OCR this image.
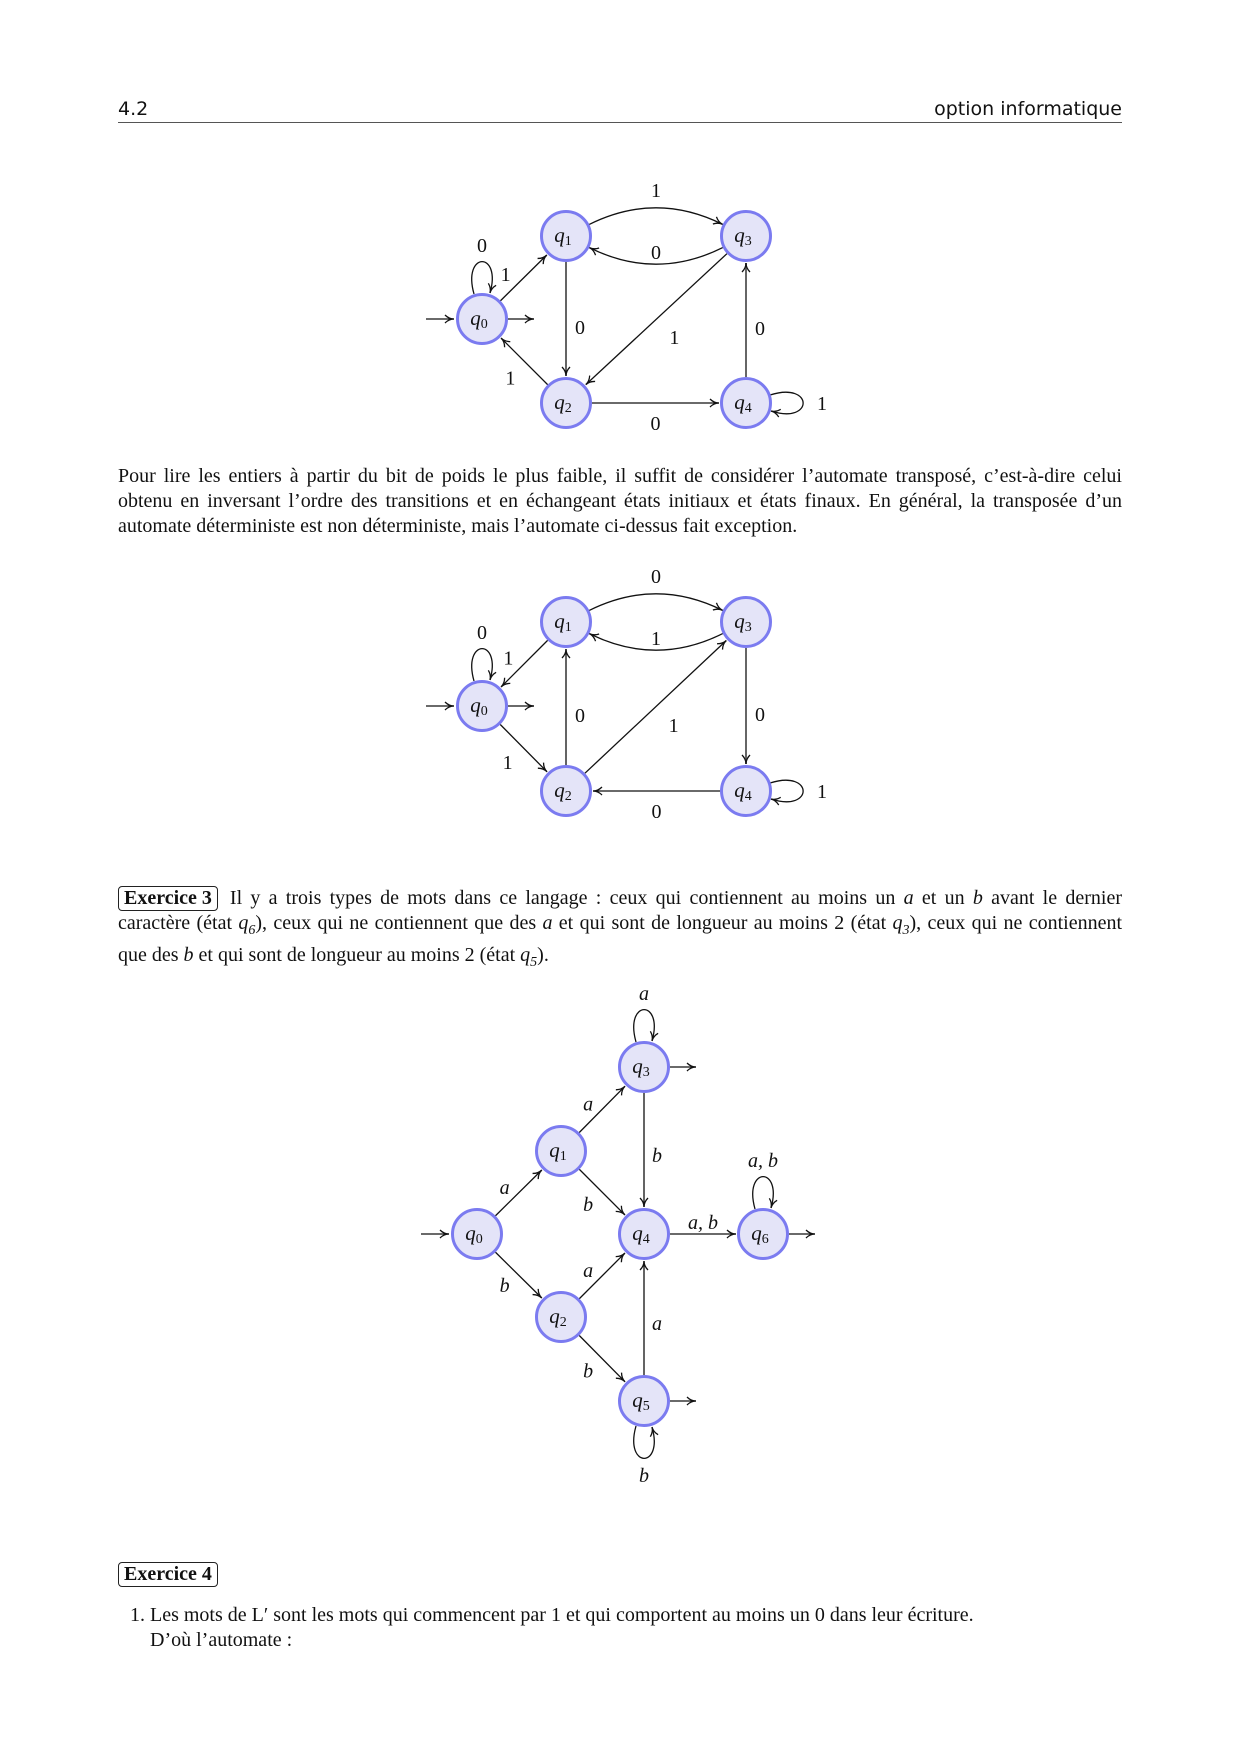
4.2	option informatique
0
1
1
0
0	1
1
0
0
1
q0
q1	q3
q2	q4
Pour lire les entiers à partir du bit de poids le plus faible, il suffit de considérer l’automate transposé, c’est-à-dire celui obtenu en inversant l’ordre des transitions et en échangeant états initiaux et états finaux. En général, la transposée d’un automate déterministe est non déterministe, mais l’automate ci-dessus fait exception.
0
1
0
1
0	1
1
0
0
1
q0
q1	q3
q2	q4
Exercice 3 Il y a trois types de mots dans ce langage : ceux qui contiennent au moins un a et un b avant le dernier caractère (état $q_6$), ceux qui ne contiennent que des a et qui sont de longueur au moins 2 (état $q_3$), ceux qui ne contiennent que des b et qui sont de longueur au moins 2 (état $q_5$).
a
b
a
b
a
b
b
a
a, b
a
a, b
b
q0
q1
q2
q3
q4
q5
q6
Exercice 4
1. Les mots de L′ sont les mots qui commencent par 1 et qui comportent au moins un 0 dans leur écriture.
D’où l’automate :
